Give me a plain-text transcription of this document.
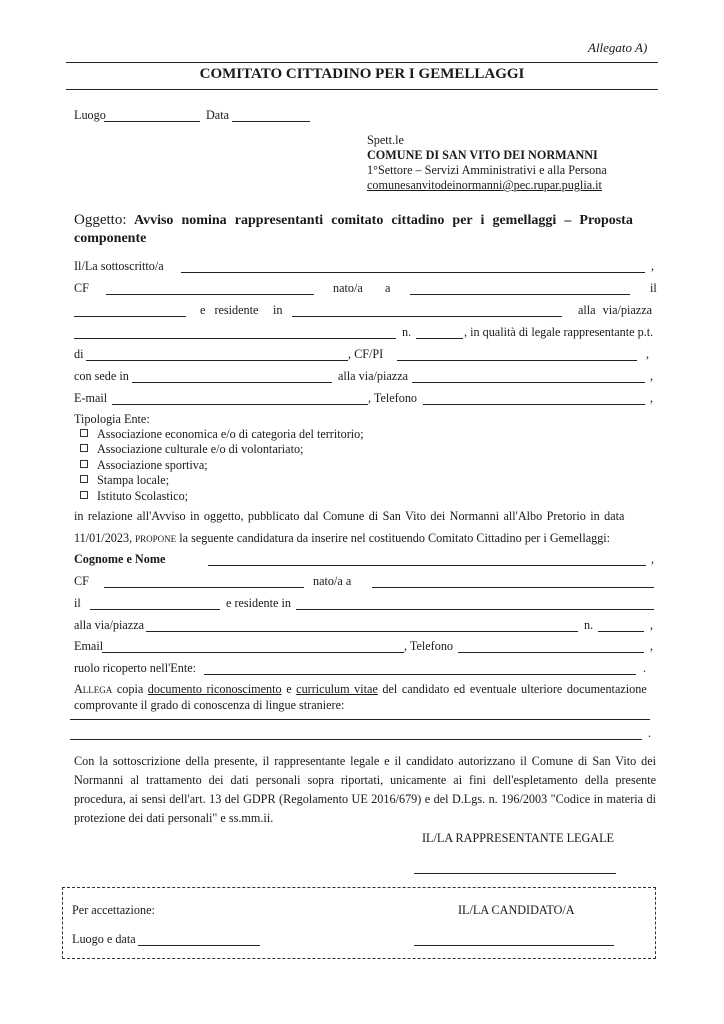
Allegato A)
COMITATO CITTADINO PER I GEMELLAGGI
Luogo	Data
Spett.le
COMUNE DI SAN VITO DEI NORMANNI
1°Settore – Servizi Amministrativi e alla Persona
comunesanvitodeinormanni@pec.rupar.puglia.it
Oggetto: Avviso nomina rappresentanti comitato cittadino per i gemellaggi – Proposta
componente
Il/La sottoscritto/a	,
CF	nato/a a	il
e residente in	alla via/piazza
n.	, in qualità di legale rappresentante p.t.
di	, CF/PI	,
con sede in	alla via/piazza	,
E-mail	, Telefono	,
Tipologia Ente:
Associazione economica e/o di categoria del territorio;
Associazione culturale e/o di volontariato;
Associazione sportiva;
Stampa locale;
Istituto Scolastico;
in relazione all'Avviso in oggetto, pubblicato dal Comune di San Vito dei Normanni all'Albo Pretorio in data
11/01/2023, propone la seguente candidatura da inserire nel costituendo Comitato Cittadino per i Gemellaggi:
Cognome e Nome	,
CF	nato/a a
il	e residente in
alla via/piazza	n.	,
Email	, Telefono	,
ruolo ricoperto nell'Ente:	.
Allega copia documento riconoscimento e curriculum vitae del candidato ed eventuale ulteriore documentazione
comprovante il grado di conoscenza di lingue straniere:
.
Con la sottoscrizione della presente, il rappresentante legale e il candidato autorizzano il Comune di San Vito dei Normanni al trattamento dei dati personali sopra riportati, unicamente ai fini dell'espletamento della presente procedura, ai sensi dell'art. 13 del GDPR (Regolamento UE 2016/679) e del D.Lgs. n. 196/2003 "Codice in materia di protezione dei dati personali" e ss.mm.ii.
IL/LA RAPPRESENTANTE LEGALE
Per accettazione:	IL/LA CANDIDATO/A
Luogo e data
